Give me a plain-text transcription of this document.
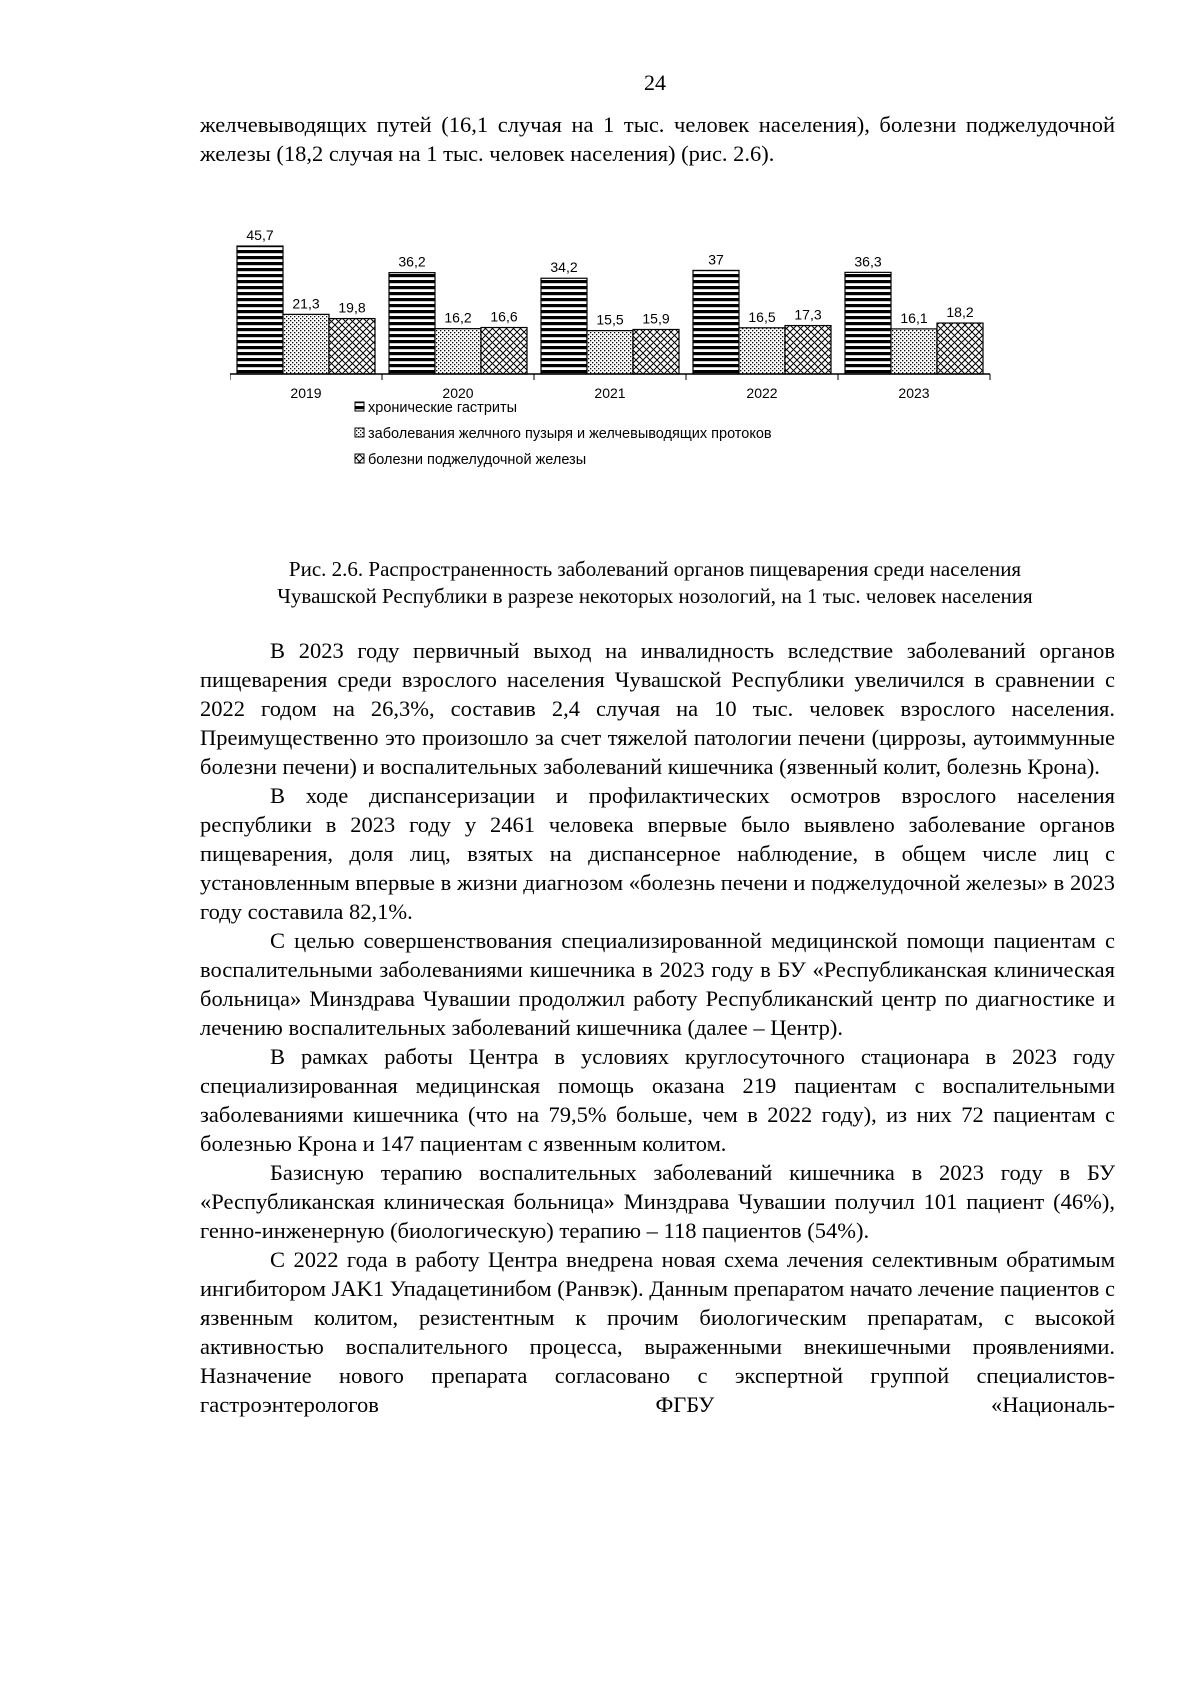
24

желчевыводящих путей (16,1 случая на 1 тыс. человек населения), болезни поджелудочной железы (18,2 случая на 1 тыс. человек населения) (рис. 2.6).

45,7
21,3 19,8
36,2
16,2 16,6
34,2
15,5 15,9
37
16,5 17,3
36,3
16,1 18,2
2019	2020	2021	2022	2023
хронические гастриты
заболевания желчного пузыря и желчевыводящих протоков
болезни поджелудочной железы
Рис. 2.6. Распространенность заболеваний органов пищеварения среди населения
Чувашской Республики в разрезе некоторых нозологий, на 1 тыс. человек населения

В 2023 году первичный выход на инвалидность вследствие заболеваний органов пищеварения среди взрослого населения Чувашской Республики увеличился в сравнении с 2022 годом на 26,3%, составив 2,4 случая на 10 тыс. человек взрослого населения. Преимущественно это произошло за счет тяжелой патологии печени (циррозы, аутоиммунные болезни печени) и воспалительных заболеваний кишечника (язвенный колит, болезнь Крона).

В ходе диспансеризации и профилактических осмотров взрослого населения республики в 2023 году у 2461 человека впервые было выявлено заболевание органов пищеварения, доля лиц, взятых на диспансерное наблюдение, в общем числе лиц с установленным впервые в жизни диагнозом «болезнь печени и поджелудочной железы» в 2023 году составила 82,1%.

С целью совершенствования специализированной медицинской помощи пациентам с воспалительными заболеваниями кишечника в 2023 году в БУ «Республиканская клиническая больница» Минздрава Чувашии продолжил работу Республиканский центр по диагностике и лечению воспалительных заболеваний кишечника (далее – Центр).

В рамках работы Центра в условиях круглосуточного стационара в 2023 году специализированная медицинская помощь оказана 219 пациентам с воспалительными заболеваниями кишечника (что на 79,5% больше, чем в 2022 году), из них 72 пациентам с болезнью Крона и 147 пациентам с язвенным колитом.

Базисную терапию воспалительных заболеваний кишечника в 2023 году в БУ «Республиканская клиническая больница» Минздрава Чувашии получил 101 пациент (46%), генно-инженерную (биологическую) терапию – 118 пациентов (54%).

С 2022 года в работу Центра внедрена новая схема лечения селективным обратимым ингибитором JAK1 Упадацетинибом (Ранвэк). Данным препаратом начато лечение пациентов с язвенным колитом, резистентным к прочим биологическим препаратам, с высокой активностью воспалительного процесса, выраженными внекишечными проявлениями. Назначение нового препарата согласовано с экспертной группой специалистов-гастроэнтерологов ФГБУ «Националь-
